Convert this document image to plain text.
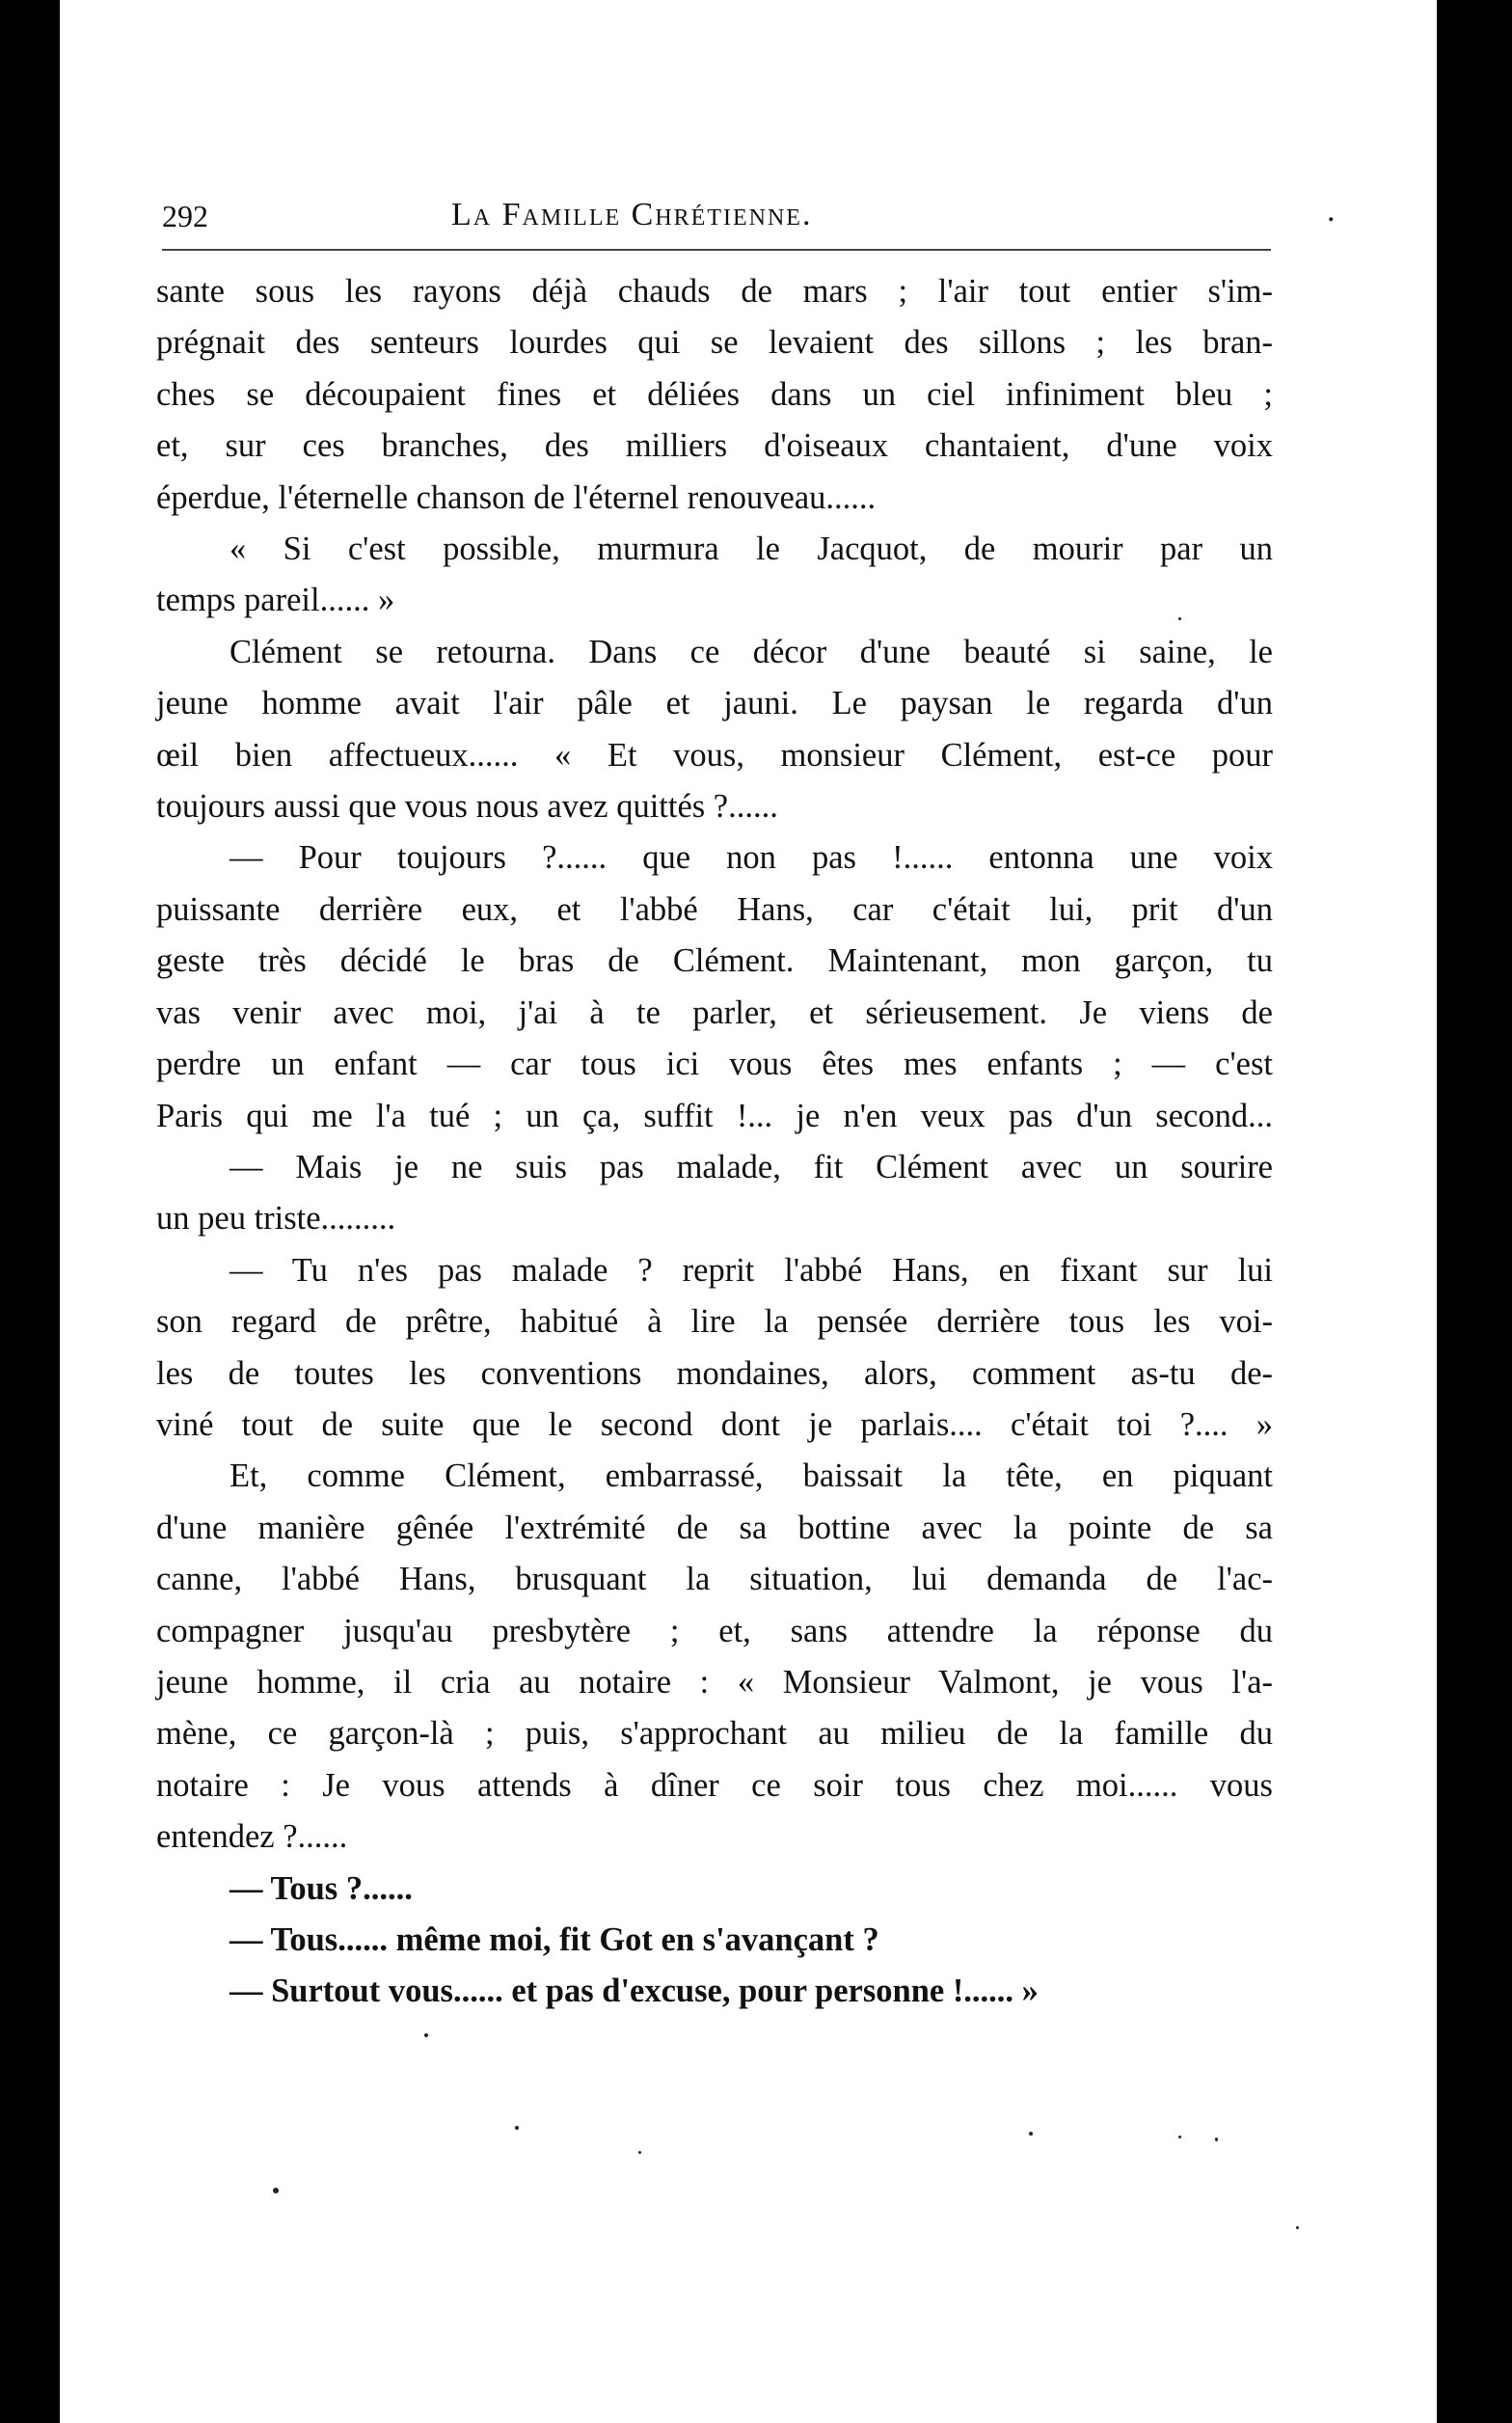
292	La Famille Chrétienne.	.
sante sous les rayons déjà chauds de mars ; l'air tout entier s'im-
prégnait des senteurs lourdes qui se levaient des sillons ; les bran-
ches se découpaient fines et déliées dans un ciel infiniment bleu ;
et, sur ces branches, des milliers d'oiseaux chantaient, d'une voix
éperdue, l'éternelle chanson de l'éternel renouveau......
« Si c'est possible, murmura le Jacquot, de mourir par un
temps pareil...... »
Clément se retourna. Dans ce décor d'une beauté si saine, le
jeune homme avait l'air pâle et jauni. Le paysan le regarda d'un
œil bien affectueux...... « Et vous, monsieur Clément, est-ce pour
toujours aussi que vous nous avez quittés ?......
— Pour toujours ?...... que non pas !...... entonna une voix
puissante derrière eux, et l'abbé Hans, car c'était lui, prit d'un
geste très décidé le bras de Clément. Maintenant, mon garçon, tu
vas venir avec moi, j'ai à te parler, et sérieusement. Je viens de
perdre un enfant — car tous ici vous êtes mes enfants ; — c'est
Paris qui me l'a tué ; un ça, suffit !... je n'en veux pas d'un second...
— Mais je ne suis pas malade, fit Clément avec un sourire
un peu triste.........
— Tu n'es pas malade ? reprit l'abbé Hans, en fixant sur lui
son regard de prêtre, habitué à lire la pensée derrière tous les voi-
les de toutes les conventions mondaines, alors, comment as-tu de-
viné tout de suite que le second dont je parlais.... c'était toi ?.... »
Et, comme Clément, embarrassé, baissait la tête, en piquant
d'une manière gênée l'extrémité de sa bottine avec la pointe de sa
canne, l'abbé Hans, brusquant la situation, lui demanda de l'ac-
compagner jusqu'au presbytère ; et, sans attendre la réponse du
jeune homme, il cria au notaire : « Monsieur Valmont, je vous l'a-
mène, ce garçon-là ; puis, s'approchant au milieu de la famille du
notaire : Je vous attends à dîner ce soir tous chez moi...... vous
entendez ?......
— Tous ?......
— Tous...... même moi, fit Got en s'avançant ?
— Surtout vous...... et pas d'excuse, pour personne !...... »
